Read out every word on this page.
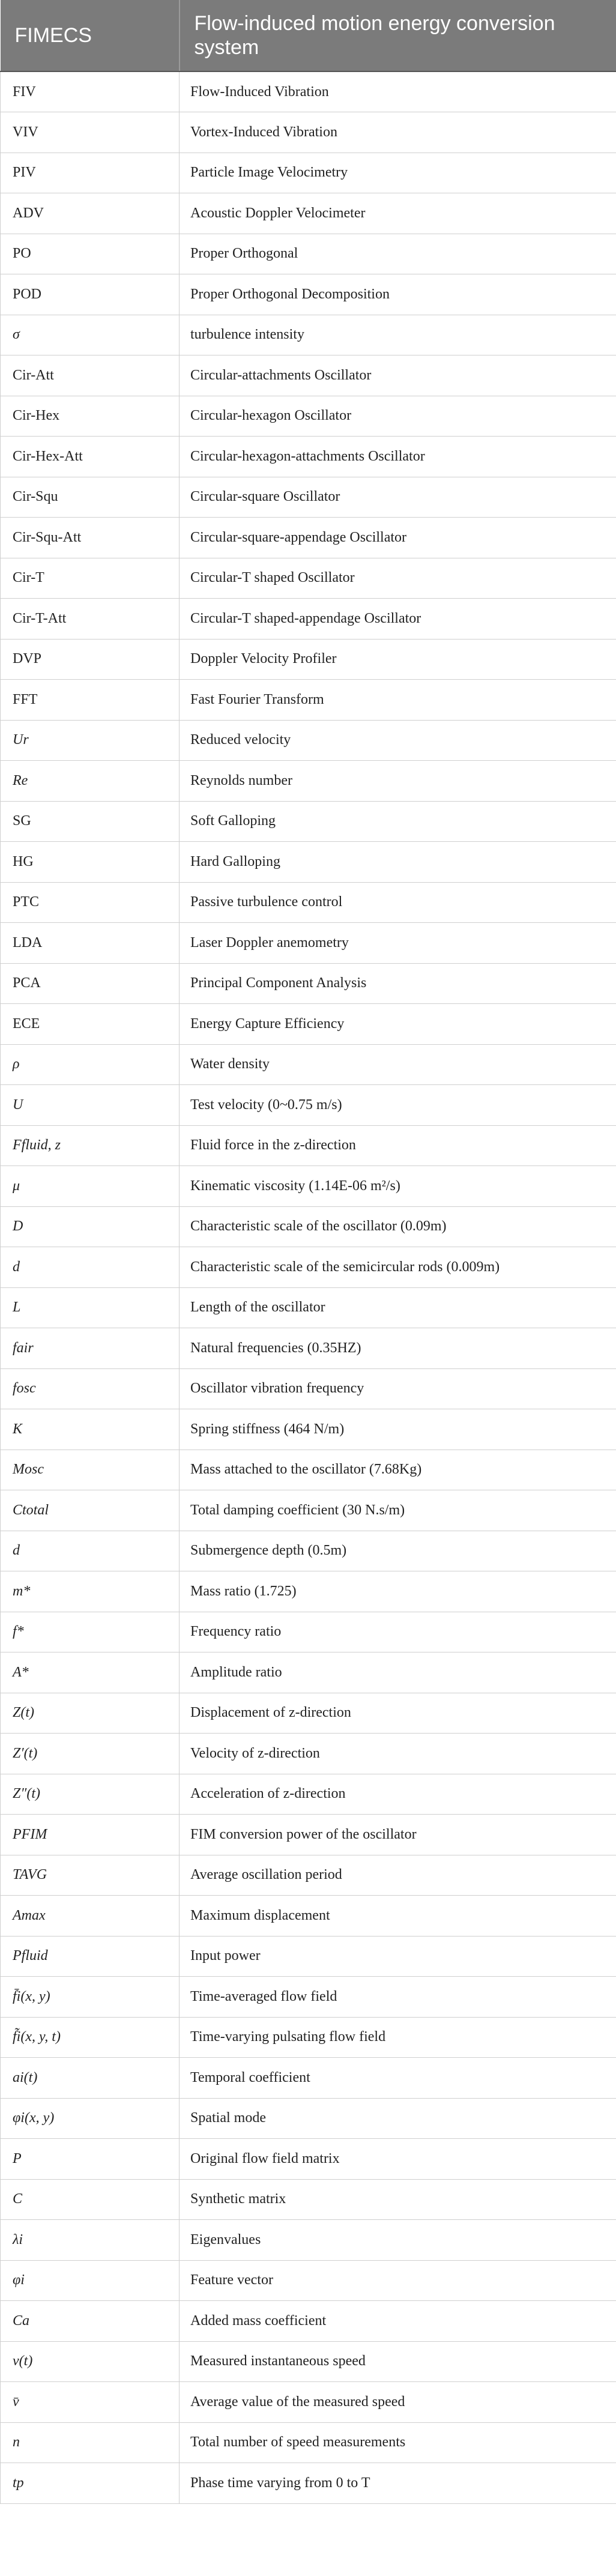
FIMECS	Flow-induced motion energy conversion system
FIV	Flow-Induced Vibration
VIV	Vortex-Induced Vibration
PIV	Particle Image Velocimetry
ADV	Acoustic Doppler Velocimeter
PO	Proper Orthogonal
POD	Proper Orthogonal Decomposition
σ	turbulence intensity
Cir-Att	Circular-attachments Oscillator
Cir-Hex	Circular-hexagon Oscillator
Cir-Hex-Att	Circular-hexagon-attachments Oscillator
Cir-Squ	Circular-square Oscillator
Cir-Squ-Att	Circular-square-appendage Oscillator
Cir-T	Circular-T shaped Oscillator
Cir-T-Att	Circular-T shaped-appendage Oscillator
DVP	Doppler Velocity Profiler
FFT	Fast Fourier Transform
Ur	Reduced velocity
Re	Reynolds number
SG	Soft Galloping
HG	Hard Galloping
PTC	Passive turbulence control
LDA	Laser Doppler anemometry
PCA	Principal Component Analysis
ECE	Energy Capture Efficiency
ρ	Water density
U	Test velocity (0~0.75 m/s)
Ffluid, z	Fluid force in the z-direction
μ	Kinematic viscosity (1.14E-06 m²/s)
D	Characteristic scale of the oscillator (0.09m)
d	Characteristic scale of the semicircular rods (0.009m)
L	Length of the oscillator
fair	Natural frequencies (0.35HZ)
fosc	Oscillator vibration frequency
K	Spring stiffness (464 N/m)
Mosc	Mass attached to the oscillator (7.68Kg)
Ctotal	Total damping coefficient (30 N.s/m)
d	Submergence depth (0.5m)
m*	Mass ratio (1.725)
f*	Frequency ratio
A*	Amplitude ratio
Z(t)	Displacement of z-direction
Z′(t)	Velocity of z-direction
Z″(t)	Acceleration of z-direction
PFIM	FIM conversion power of the oscillator
TAVG	Average oscillation period
Amax	Maximum displacement
Pfluid	Input power
f̄i(x, y)	Time-averaged flow field
f̃i(x, y, t)	Time-varying pulsating flow field
ai(t)	Temporal coefficient
φi(x, y)	Spatial mode
P	Original flow field matrix
C	Synthetic matrix
λi	Eigenvalues
φi	Feature vector
Ca	Added mass coefficient
v(t)	Measured instantaneous speed
v̄	Average value of the measured speed
n	Total number of speed measurements
tp	Phase time varying from 0 to T
